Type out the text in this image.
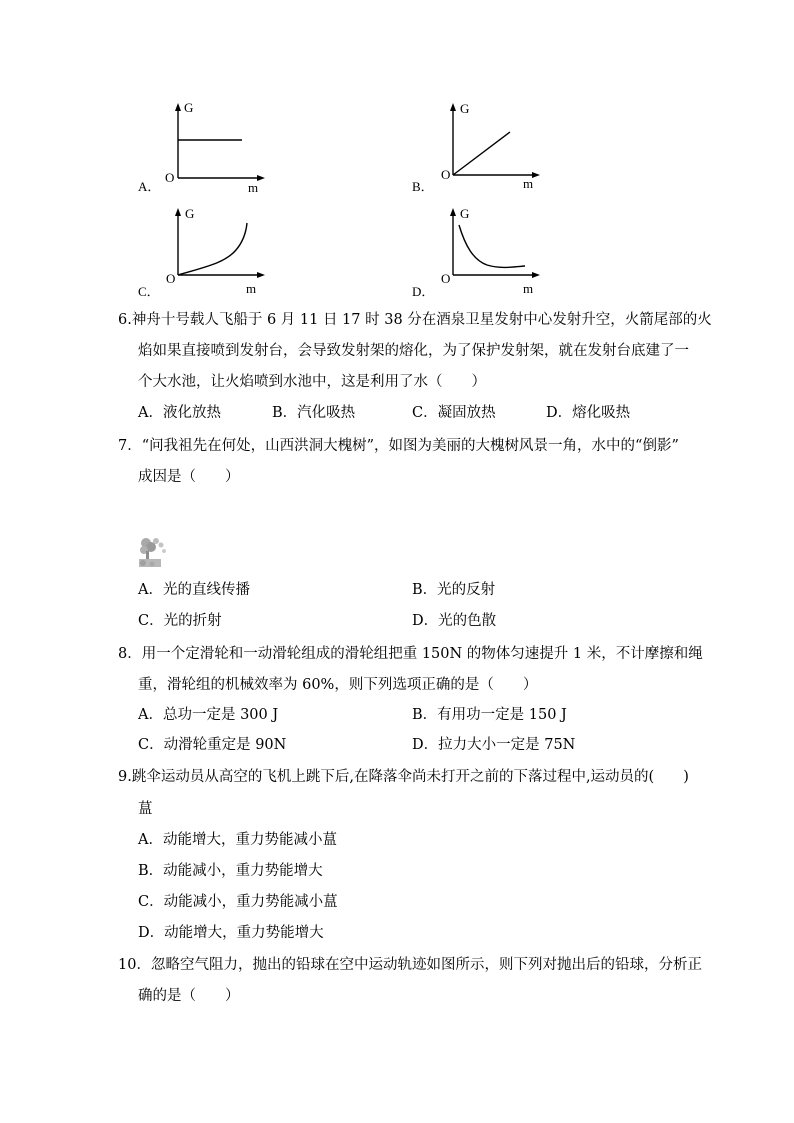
G
O
m
A．
G
O
m
B．
G
O
m
C．
G
O
m
D．
6.神舟十号载人飞船于 6 月 11 日 17 时 38 分在酒泉卫星发射中心发射升空，火箭尾部的火
焰如果直接喷到发射台，会导致发射架的熔化，为了保护发射架，就在发射台底建了一
个大水池，让火焰喷到水池中，这是利用了水（　　）
A．液化放热	B．汽化吸热	C．凝固放热	D．熔化吸热
7．“问我祖先在何处，山西洪洞大槐树”，如图为美丽的大槐树风景一角，水中的“倒影”
成因是（　　）
A．光的直线传播	B．光的反射
C．光的折射	D．光的色散
8．用一个定滑轮和一动滑轮组成的滑轮组把重 150N 的物体匀速提升 1 米，不计摩擦和绳
重，滑轮组的机械效率为 60%，则下列选项正确的是（　　）
A．总功一定是 300 J	B．有用功一定是 150 J
C．动滑轮重定是 90N	D．拉力大小一定是 75N
9.跳伞运动员从高空的飞机上跳下后,在降落伞尚未打开之前的下落过程中,运动员的(　　)
蒀
A．动能增大，重力势能减小蒀
B．动能减小，重力势能增大
C．动能减小，重力势能减小蒀
D．动能增大，重力势能增大
10．忽略空气阻力，抛出的铅球在空中运动轨迹如图所示，则下列对抛出后的铅球，分析正
确的是（　　）
